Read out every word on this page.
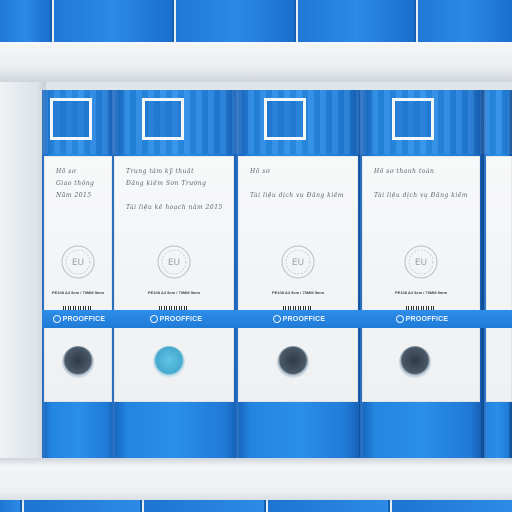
Hồ sơ
Giao thông
Năm 2015
EU
PE108 A4 5cm / 70MM 5mm
PROOFFICE
Trung tâm kỹ thuật
Đăng kiểm Sơn Trường
Tài liệu kế hoạch năm 2015
EU
PE108 A4 5cm / 70MM 5mm
PROOFFICE
Hồ sơ
Tài liệu dịch vụ Đăng kiểm
EU
PE108 A4 5cm / 70MM 5mm
PROOFFICE
Hồ sơ thanh toán
Tài liệu dịch vụ Đăng kiểm
EU
PE108 A4 5cm / 70MM 5mm
PROOFFICE
